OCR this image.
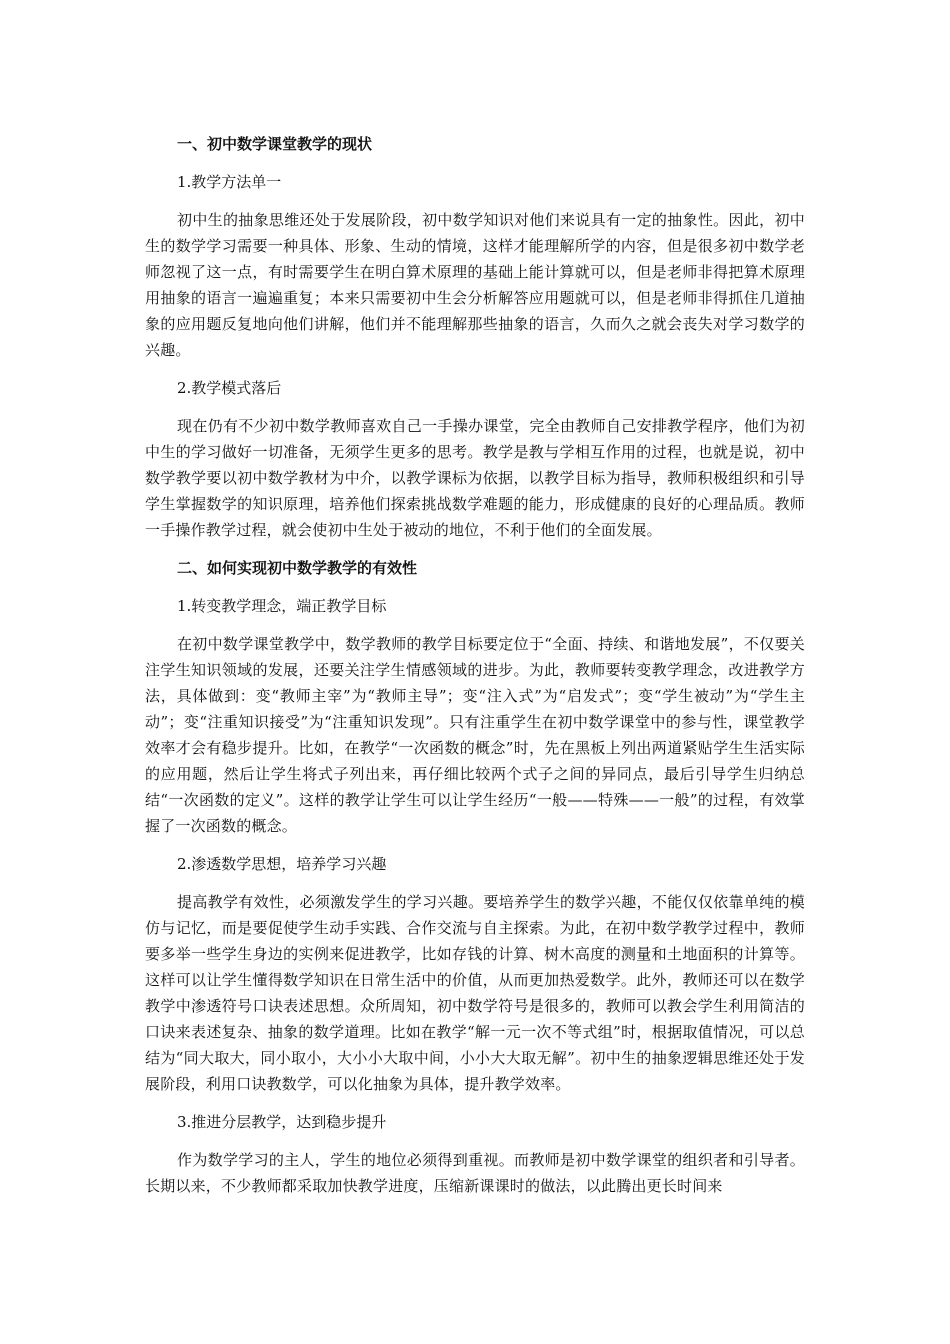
一、初中数学课堂教学的现状
1.教学方法单一
初中生的抽象思维还处于发展阶段，初中数学知识对他们来说具有一定的抽象性。因此，初中生的数学学习需要一种具体、形象、生动的情境，这样才能理解所学的内容，但是很多初中数学老师忽视了这一点，有时需要学生在明白算术原理的基础上能计算就可以，但是老师非得把算术原理用抽象的语言一遍遍重复；本来只需要初中生会分析解答应用题就可以，但是老师非得抓住几道抽象的应用题反复地向他们讲解，他们并不能理解那些抽象的语言，久而久之就会丧失对学习数学的兴趣。
2.教学模式落后
现在仍有不少初中数学教师喜欢自己一手操办课堂，完全由教师自己安排教学程序，他们为初中生的学习做好一切准备，无须学生更多的思考。教学是教与学相互作用的过程，也就是说，初中数学教学要以初中数学教材为中介，以教学课标为依据，以教学目标为指导，教师积极组织和引导学生掌握数学的知识原理，培养他们探索挑战数学难题的能力，形成健康的良好的心理品质。教师一手操作教学过程，就会使初中生处于被动的地位，不利于他们的全面发展。
二、如何实现初中数学教学的有效性
1.转变教学理念，端正教学目标
在初中数学课堂教学中，数学教师的教学目标要定位于“全面、持续、和谐地发展”，不仅要关注学生知识领域的发展，还要关注学生情感领域的进步。为此，教师要转变教学理念，改进教学方法，具体做到：变“教师主宰”为“教师主导”；变“注入式”为“启发式”；变“学生被动”为“学生主动”；变“注重知识接受”为“注重知识发现”。只有注重学生在初中数学课堂中的参与性，课堂教学效率才会有稳步提升。比如，在教学“一次函数的概念”时，先在黑板上列出两道紧贴学生生活实际的应用题，然后让学生将式子列出来，再仔细比较两个式子之间的异同点，最后引导学生归纳总结“一次函数的定义”。这样的教学让学生可以让学生经历“一般——特殊——一般”的过程，有效掌握了一次函数的概念。
2.渗透数学思想，培养学习兴趣
提高教学有效性，必须激发学生的学习兴趣。要培养学生的数学兴趣，不能仅仅依靠单纯的模仿与记忆，而是要促使学生动手实践、合作交流与自主探索。为此，在初中数学教学过程中，教师要多举一些学生身边的实例来促进教学，比如存钱的计算、树木高度的测量和土地面积的计算等。这样可以让学生懂得数学知识在日常生活中的价值，从而更加热爱数学。此外，教师还可以在数学教学中渗透符号口诀表述思想。众所周知，初中数学符号是很多的，教师可以教会学生利用简洁的口诀来表述复杂、抽象的数学道理。比如在教学“解一元一次不等式组”时，根据取值情况，可以总结为“同大取大，同小取小，大小小大取中间，小小大大取无解”。初中生的抽象逻辑思维还处于发展阶段，利用口诀教数学，可以化抽象为具体，提升教学效率。
3.推进分层教学，达到稳步提升
作为数学学习的主人，学生的地位必须得到重视。而教师是初中数学课堂的组织者和引导者。长期以来，不少教师都采取加快教学进度，压缩新课课时的做法，以此腾出更长时间来
